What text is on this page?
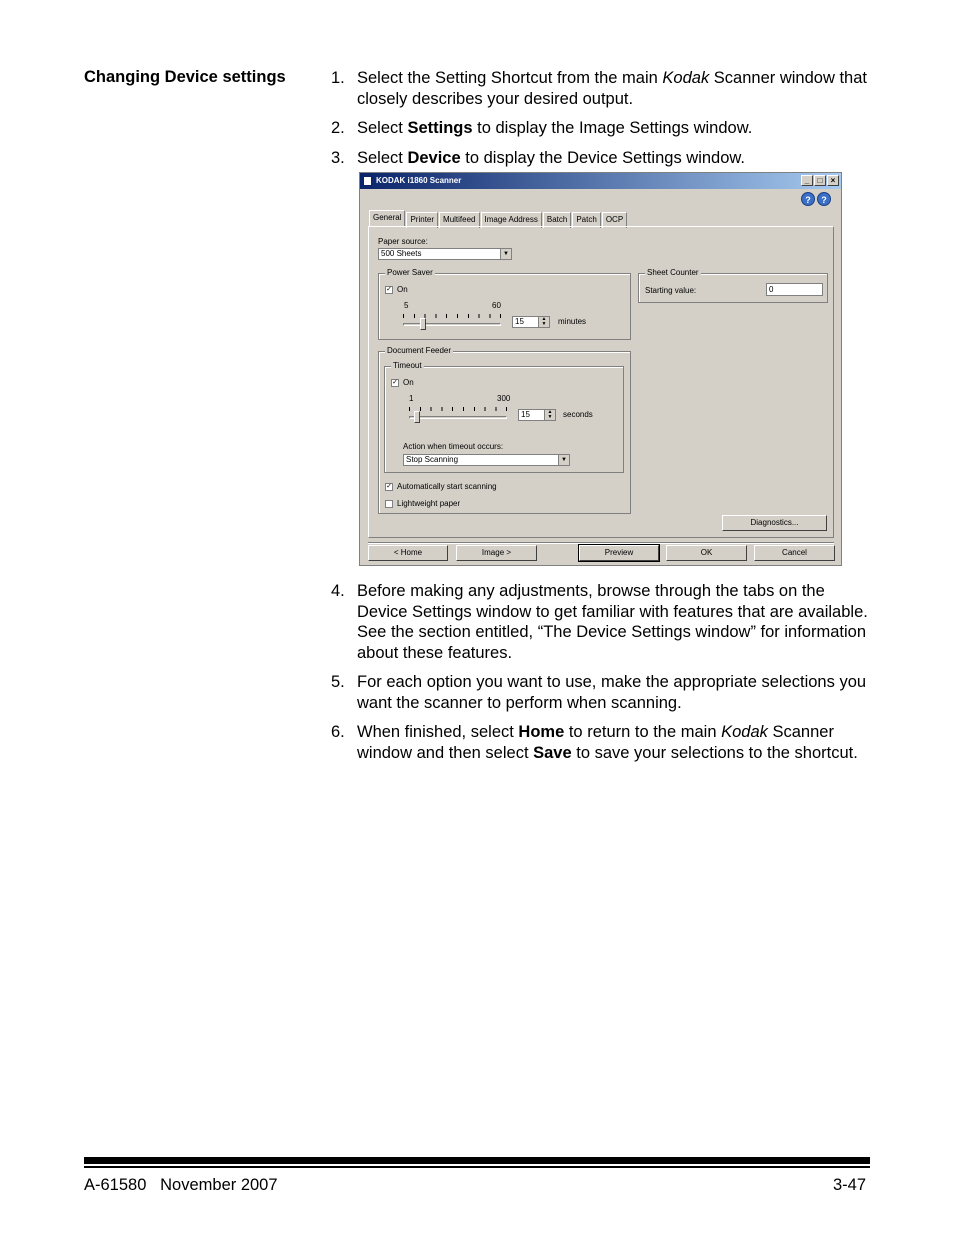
Changing Device settings	1. Select the Setting Shortcut from the main Kodak Scanner window that closely describes your desired output.
2. Select Settings to display the Image Settings window.
3. Select Device to display the Device Settings window.
KODAK i1860 Scanner	_	□	×
?	?
General	Printer	Multifeed	Image Address	Batch	Patch	OCP
Paper source:
500 Sheets	▼
Power Saver
✓ On
5	60
15	▲
▼	minutes
Sheet Counter
Starting value:	0
Document Feeder
Timeout
✓ On
1	300
15	▲
▼	seconds
Action when timeout occurs:
Stop Scanning	▼
✓ Automatically start scanning
Lightweight paper
Diagnostics...
< Home	Image >	Preview	OK	Cancel
4. Before making any adjustments, browse through the tabs on the Device Settings window to get familiar with features that are available. See the section entitled, “The Device Settings window” for information about these features.
5. For each option you want to use, make the appropriate selections you want the scanner to perform when scanning.
6. When finished, select Home to return to the main Kodak Scanner window and then select Save to save your selections to the shortcut.
A-61580   November 2007	3-47
